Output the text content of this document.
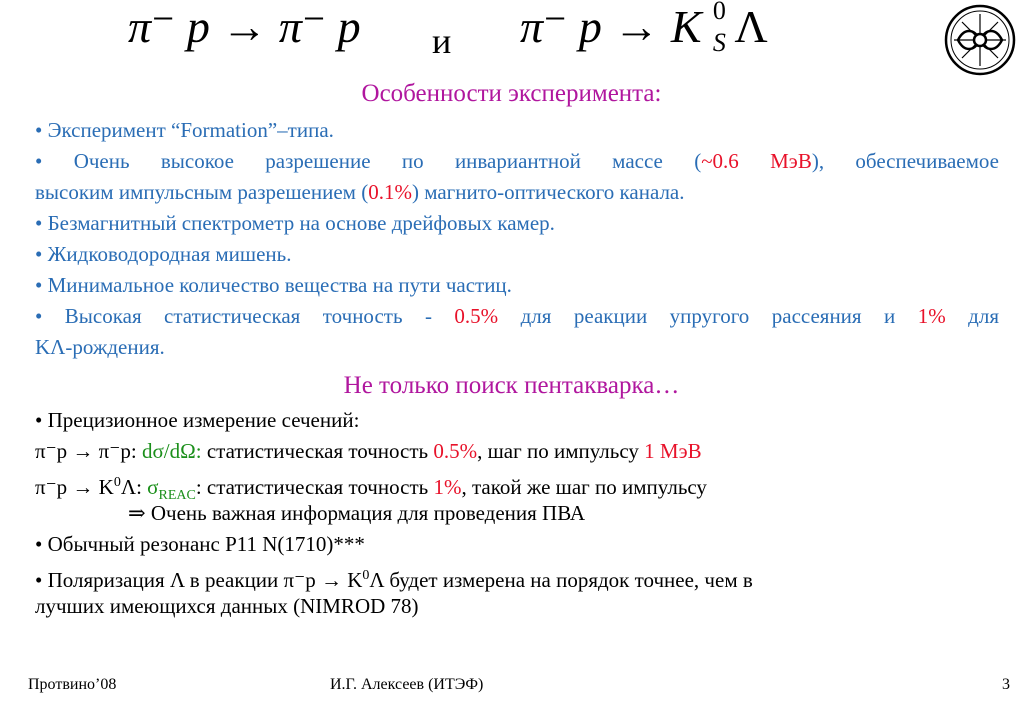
π⁻ p → π⁻ p и π⁻ p → K 0
S Λ
Особенности эксперимента:
• Эксперимент “Formation”–типа.
• Очень высокое разрешение по инвариантной массе (~0.6 МэВ), обеспечиваемое
высоким импульсным разрешением (0.1%) магнито-оптического канала.
• Безмагнитный спектрометр на основе дрейфовых камер.
• Жидководородная мишень.
• Минимальное количество вещества на пути частиц.
• Высокая статистическая точность - 0.5% для реакции упругого рассеяния и 1% для
KΛ-рождения.
Не только поиск пентакварка…
• Прецизионное измерение сечений:
π⁻p → π⁻p: dσ/dΩ: статистическая точность 0.5%, шаг по импульсу 1 МэВ
$\pi^-p \to K^0\Lambda$: $\sigma_{REAC}$: статистическая точность 1%, такой же шаг по импульсу
⇒ Очень важная информация для проведения ПВА
• Обычный резонанс P11 N(1710)***
• Поляризация Λ в реакции $\pi^-p \to K^0\Lambda$ будет измерена на порядок точнее, чем в
лучших имеющихся данных (NIMROD 78)
Протвино’08	И.Г. Алексеев (ИТЭФ)	3
